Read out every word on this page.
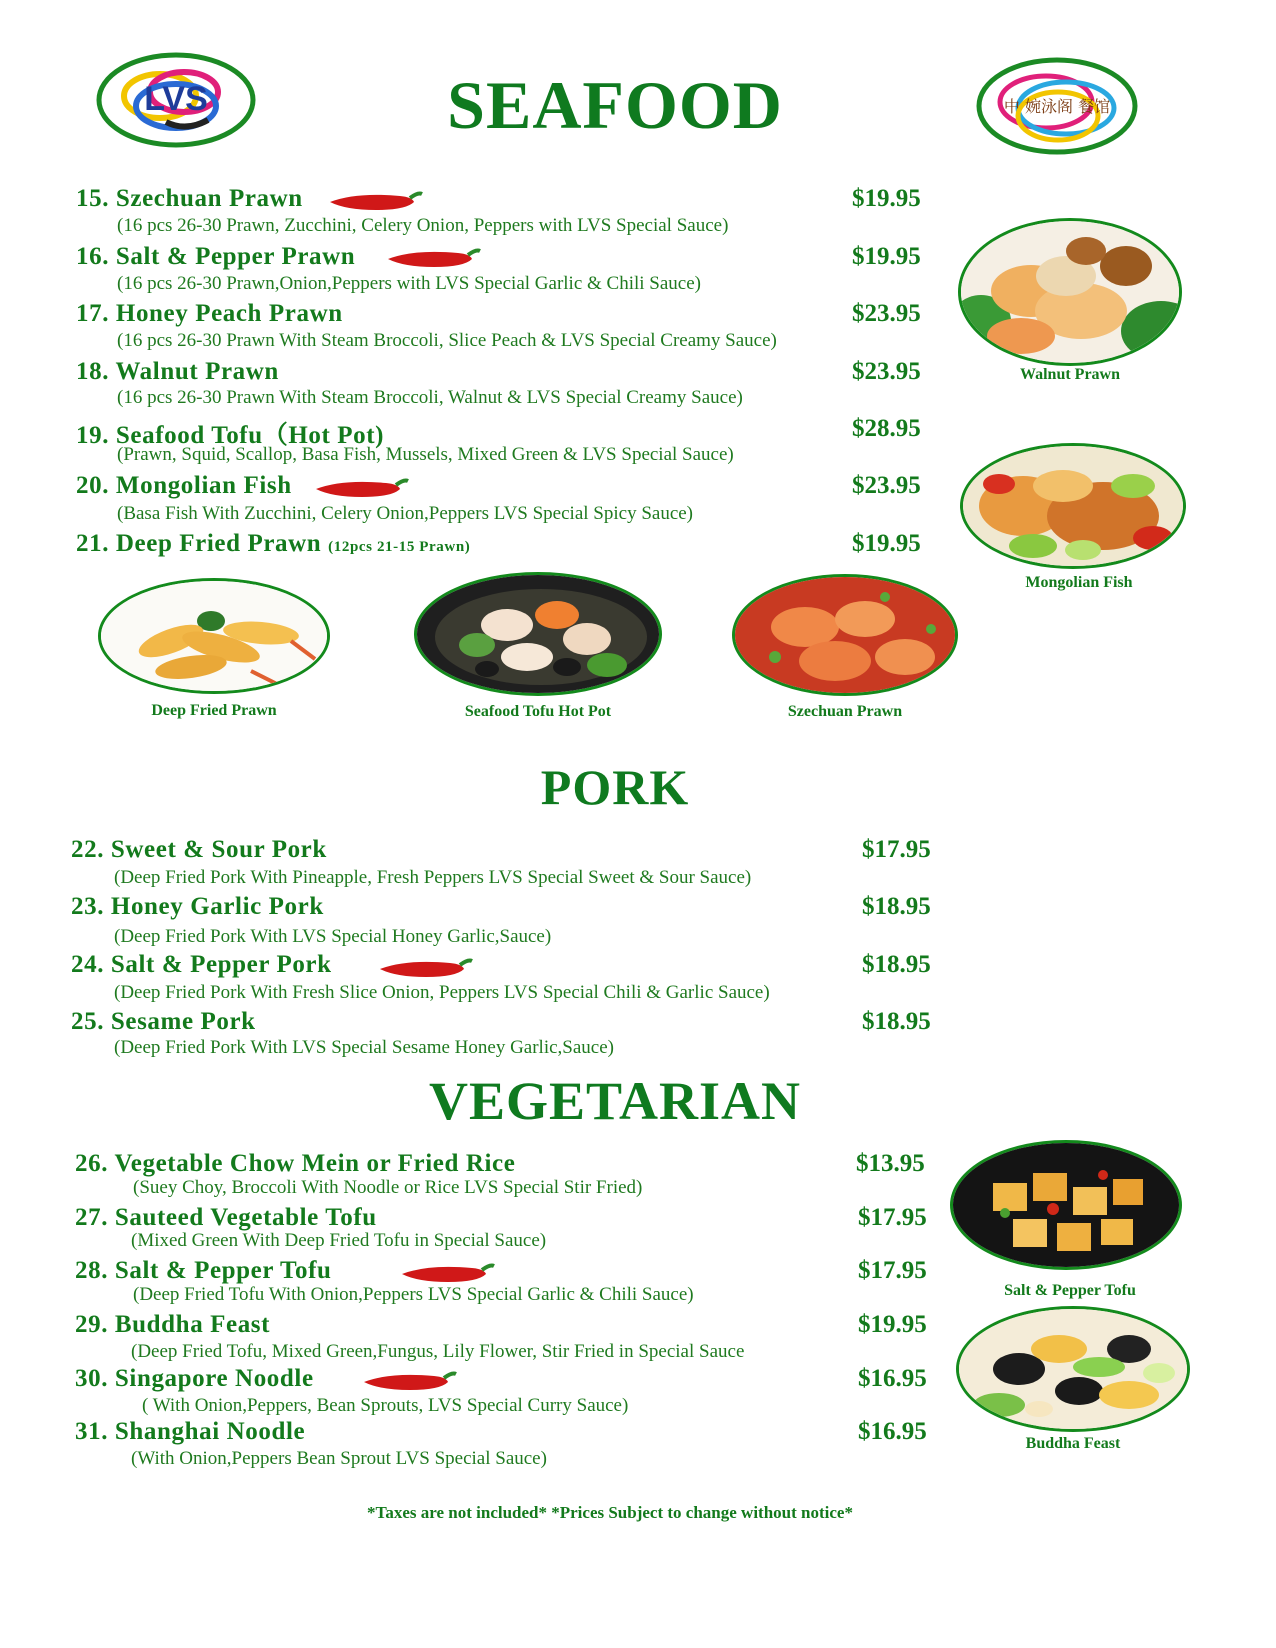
LVS	中 婉泳阁 餐馆
SEAFOOD
15. Szechuan Prawn	$19.95
(16 pcs 26-30 Prawn, Zucchini, Celery Onion, Peppers with LVS Special Sauce)
16. Salt & Pepper Prawn	$19.95
(16 pcs 26-30 Prawn,Onion,Peppers with LVS Special Garlic & Chili Sauce)
17. Honey Peach Prawn	$23.95
(16 pcs 26-30 Prawn With Steam Broccoli, Slice Peach & LVS Special Creamy Sauce)
18. Walnut Prawn	$23.95
(16 pcs 26-30 Prawn With Steam Broccoli, Walnut & LVS Special Creamy Sauce)
19. Seafood Tofu（Hot Pot)	$28.95
(Prawn, Squid, Scallop, Basa Fish, Mussels, Mixed Green & LVS Special Sauce)
20. Mongolian Fish	$23.95
(Basa Fish With Zucchini, Celery Onion,Peppers LVS Special Spicy Sauce)
21. Deep Fried Prawn (12pcs 21-15 Prawn)	$19.95
Walnut Prawn
Mongolian Fish
Deep Fried Prawn	Seafood Tofu Hot Pot	Szechuan Prawn
PORK
22. Sweet & Sour Pork	$17.95
(Deep Fried Pork With Pineapple, Fresh Peppers LVS Special Sweet & Sour Sauce)
23. Honey Garlic Pork	$18.95
(Deep Fried Pork With LVS Special Honey Garlic,Sauce)
24. Salt & Pepper Pork	$18.95
(Deep Fried Pork With Fresh Slice Onion, Peppers LVS Special Chili & Garlic Sauce)
25. Sesame Pork	$18.95
(Deep Fried Pork With LVS Special Sesame Honey Garlic,Sauce)
VEGETARIAN
26. Vegetable Chow Mein or Fried Rice	$13.95
(Suey Choy, Broccoli With Noodle or Rice LVS Special Stir Fried)
27. Sauteed Vegetable Tofu	$17.95
(Mixed Green With Deep Fried Tofu in Special Sauce)
28. Salt & Pepper Tofu	$17.95
(Deep Fried Tofu With Onion,Peppers LVS Special Garlic & Chili Sauce)
29. Buddha Feast	$19.95
(Deep Fried Tofu, Mixed Green,Fungus, Lily Flower, Stir Fried in Special Sauce
30. Singapore Noodle	$16.95
( With Onion,Peppers, Bean Sprouts, LVS Special Curry Sauce)
31. Shanghai Noodle	$16.95
(With Onion,Peppers Bean Sprout LVS Special Sauce)
Salt & Pepper Tofu
Buddha Feast
*Taxes are not included* *Prices Subject to change without notice*
